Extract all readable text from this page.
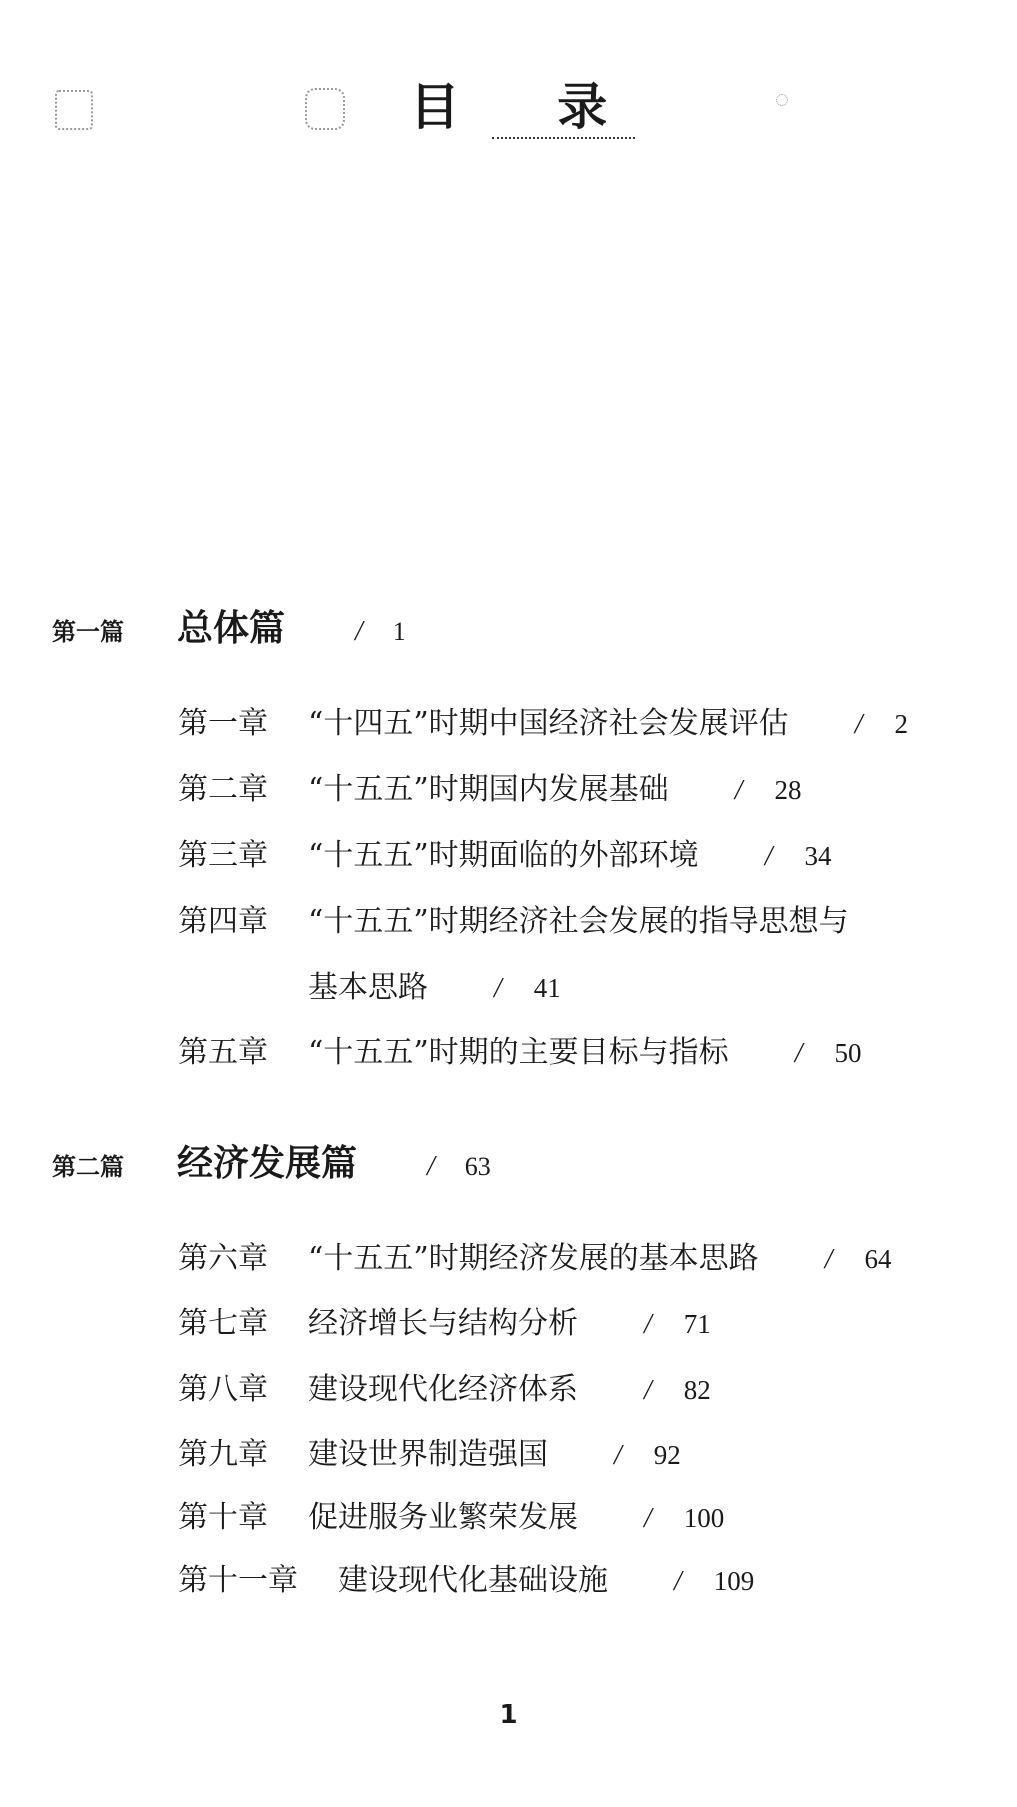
目 录
第一篇	总体篇	/ 1
第一章	“十四五”时期中国经济社会发展评估 / 2
第二章	“十五五”时期国内发展基础 / 28
第三章	“十五五”时期面临的外部环境 / 34
第四章	“十五五”时期经济社会发展的指导思想与
基本思路 / 41
第五章	“十五五”时期的主要目标与指标 / 50
第二篇	经济发展篇	/ 63
第六章	“十五五”时期经济发展的基本思路 / 64
第七章	经济增长与结构分析 / 71
第八章	建设现代化经济体系 / 82
第九章	建设世界制造强国 / 92
第十章	促进服务业繁荣发展 / 100
第十一章	建设现代化基础设施 / 109
1
